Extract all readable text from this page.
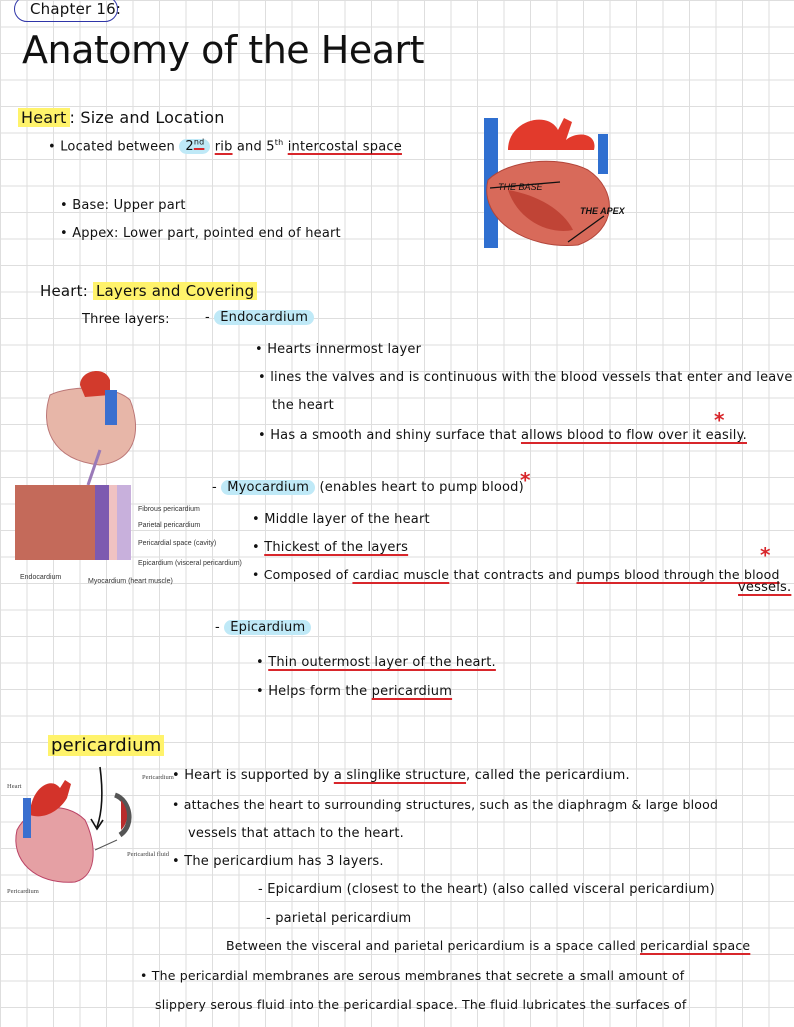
Chapter 16:
Anatomy of the Heart
Heart : Size and Location
• Located between 2nd rib and 5th intercostal space
• Base: Upper part
• Appex: Lower part, pointed end of heart
THE BASE
THE APEX
Heart: Layers and Covering
Three layers:	- Endocardium
• Hearts innermost layer
• lines the valves and is continuous with the blood vessels that enter and leave
the heart
• Has a smooth and shiny surface that allows blood to flow over it easily.
*
Fibrous pericardium
Parietal pericardium
Pericardial space (cavity)
Epicardium (visceral pericardium)
Endocardium
Myocardium (heart muscle)
- Myocardium (enables heart to pump blood)
*
• Middle layer of the heart
• Thickest of the layers
• Composed of cardiac muscle that contracts and pumps blood through the blood
*
vessels.
- Epicardium
• Thin outermost layer of the heart.
• Helps form the pericardium
pericardium
Heart
Pericardium
Pericardial fluid
Pericardium
• Heart is supported by a slinglike structure, called the pericardium.
• attaches the heart to surrounding structures, such as the diaphragm & large blood
vessels that attach to the heart.
• The pericardium has 3 layers.
- Epicardium (closest to the heart) (also called visceral pericardium)
- parietal pericardium
Between the visceral and parietal pericardium is a space called pericardial space
• The pericardial membranes are serous membranes that secrete a small amount of
slippery serous fluid into the pericardial space. The fluid lubricates the surfaces of
